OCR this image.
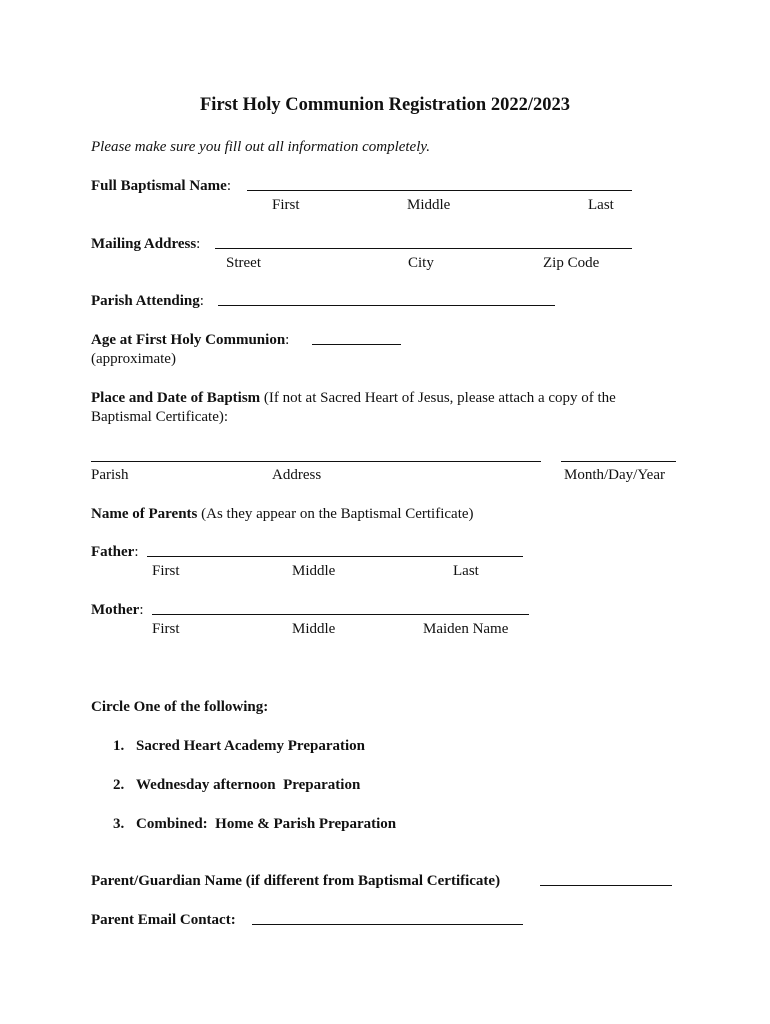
First Holy Communion Registration 2022/2023
Please make sure you fill out all information completely.
Full Baptismal Name:
First	Middle	Last
Mailing Address:
Street	City	Zip Code
Parish Attending:
Age at First Holy Communion:
(approximate)
Place and Date of Baptism (If not at Sacred Heart of Jesus, please attach a copy of the
Baptismal Certificate):
Parish	Address	Month/Day/Year
Name of Parents (As they appear on the Baptismal Certificate)
Father:
First	Middle	Last
Mother:
First	Middle	Maiden Name
Circle One of the following:
1. Sacred Heart Academy Preparation
2. Wednesday afternoon  Preparation
3. Combined:  Home & Parish Preparation
Parent/Guardian Name (if different from Baptismal Certificate)
Parent Email Contact:
